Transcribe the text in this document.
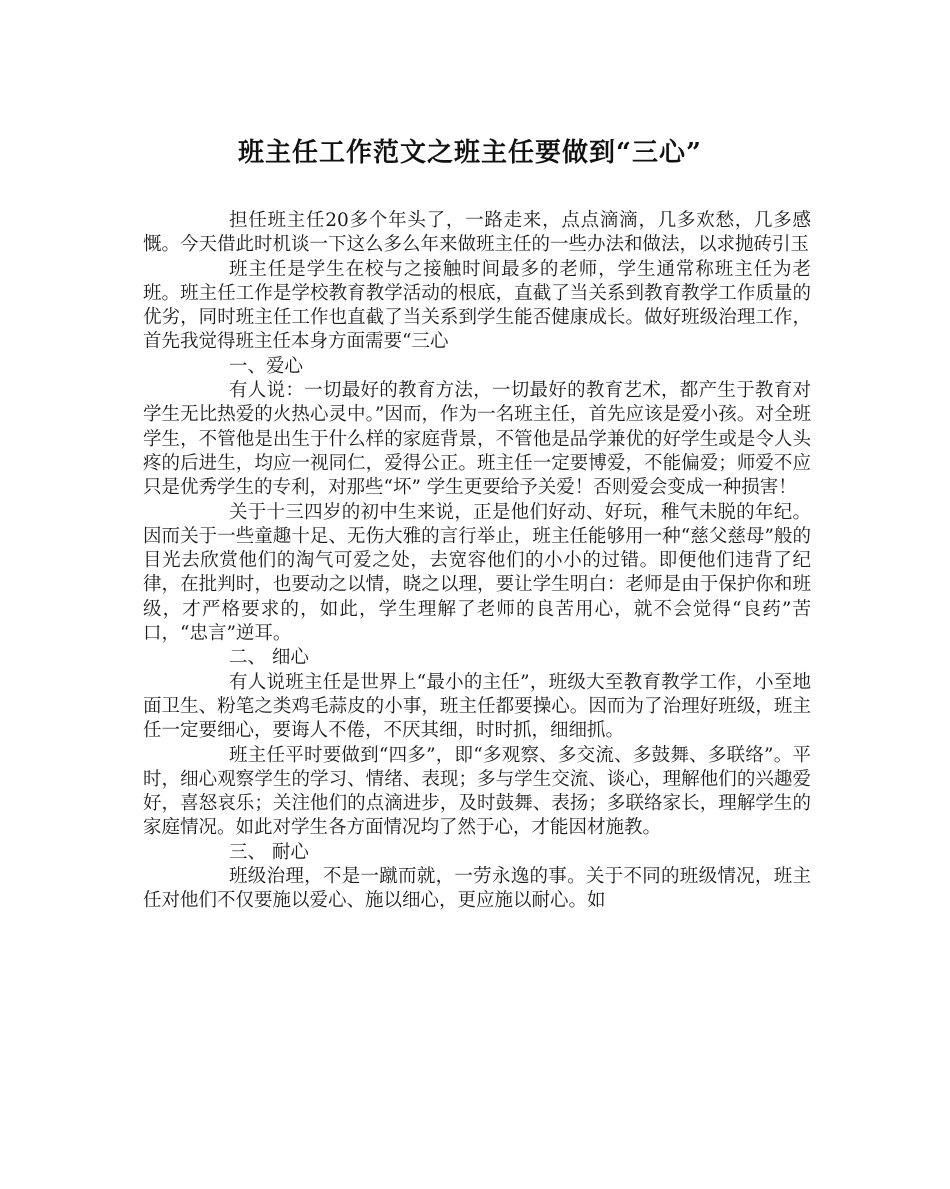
班主任工作范文之班主任要做到“三心”

担任班主任20多个年头了，一路走来，点点滴滴，几多欢愁，几多感慨。今天借此时机谈一下这么多么年来做班主任的一些办法和做法，以求抛砖引玉

班主任是学生在校与之接触时间最多的老师，学生通常称班主任为老班。班主任工作是学校教育教学活动的根底，直截了当关系到教育教学工作质量的优劣，同时班主任工作也直截了当关系到学生能否健康成长。做好班级治理工作，首先我觉得班主任本身方面需要“三心

一、爱心

有人说：一切最好的教育方法，一切最好的教育艺术，都产生于教育对学生无比热爱的火热心灵中。”因而，作为一名班主任，首先应该是爱小孩。对全班学生，不管他是出生于什么样的家庭背景，不管他是品学兼优的好学生或是令人头疼的后进生，均应一视同仁，爱得公正。班主任一定要博爱，不能偏爱；师爱不应只是优秀学生的专利，对那些“坏” 学生更要给予关爱！否则爱会变成一种损害！

关于十三四岁的初中生来说，正是他们好动、好玩，稚气未脱的年纪。因而关于一些童趣十足、无伤大雅的言行举止，班主任能够用一种“慈父慈母”般的目光去欣赏他们的淘气可爱之处，去宽容他们的小小的过错。即便他们违背了纪律，在批判时，也要动之以情，晓之以理，要让学生明白：老师是由于保护你和班级，才严格要求的，如此，学生理解了老师的良苦用心，就不会觉得“良药”苦口，“忠言”逆耳。

二、 细心

有人说班主任是世界上“最小的主任”，班级大至教育教学工作，小至地面卫生、粉笔之类鸡毛蒜皮的小事，班主任都要操心。因而为了治理好班级，班主任一定要细心，要诲人不倦，不厌其细，时时抓，细细抓。

班主任平时要做到“四多”，即“多观察、多交流、多鼓舞、多联络”。平时，细心观察学生的学习、情绪、表现；多与学生交流、谈心，理解他们的兴趣爱好，喜怒哀乐；关注他们的点滴进步，及时鼓舞、表扬；多联络家长，理解学生的家庭情况。如此对学生各方面情况均了然于心，才能因材施教。

三、 耐心

班级治理，不是一蹴而就，一劳永逸的事。关于不同的班级情况，班主任对他们不仅要施以爱心、施以细心，更应施以耐心。如
